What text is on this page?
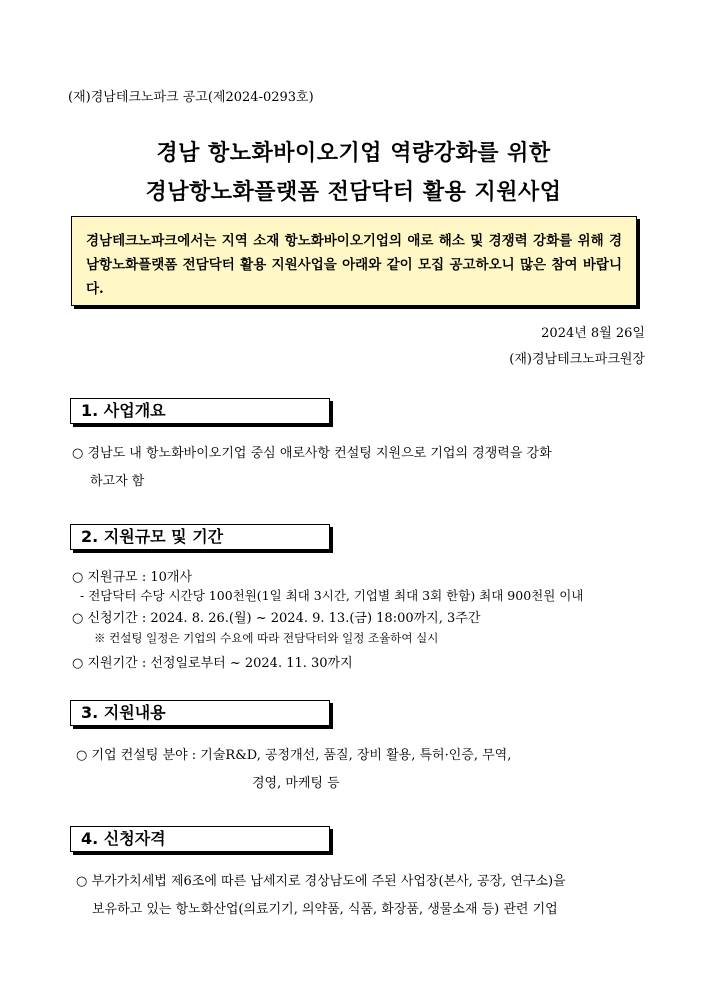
(재)경남테크노파크 공고(제2024-0293호)
경남 항노화바이오기업 역량강화를 위한
경남항노화플랫폼 전담닥터 활용 지원사업
경남테크노파크에서는 지역 소재 항노화바이오기업의 애로 해소 및 경쟁력 강화를 위해 경남항노화플랫폼 전담닥터 활용 지원사업을 아래와 같이 모집 공고하오니 많은 참여 바랍니다.
2024년 8월 26일
(재)경남테크노파크원장
1. 사업개요
○ 경남도 내 항노화바이오기업 중심 애로사항 컨설팅 지원으로 기업의 경쟁력을 강화
하고자 함
2. 지원규모 및 기간
○ 지원규모 : 10개사
- 전담닥터 수당 시간당 100천원(1일 최대 3시간, 기업별 최대 3회 한함) 최대 900천원 이내
○ 신청기간 : 2024. 8. 26.(월) ~ 2024. 9. 13.(금) 18:00까지, 3주간
※ 컨설팅 일정은 기업의 수요에 따라 전담닥터와 일정 조율하여 실시
○ 지원기간 : 선정일로부터 ~ 2024. 11. 30까지
3. 지원내용
○ 기업 컨설팅 분야 : 기술R&D, 공정개선, 품질, 장비 활용, 특허·인증, 무역,
경영, 마케팅 등
4. 신청자격
○ 부가가치세법 제6조에 따른 납세지로 경상남도에 주된 사업장(본사, 공장, 연구소)을
보유하고 있는 항노화산업(의료기기, 의약품, 식품, 화장품, 생물소재 등) 관련 기업
